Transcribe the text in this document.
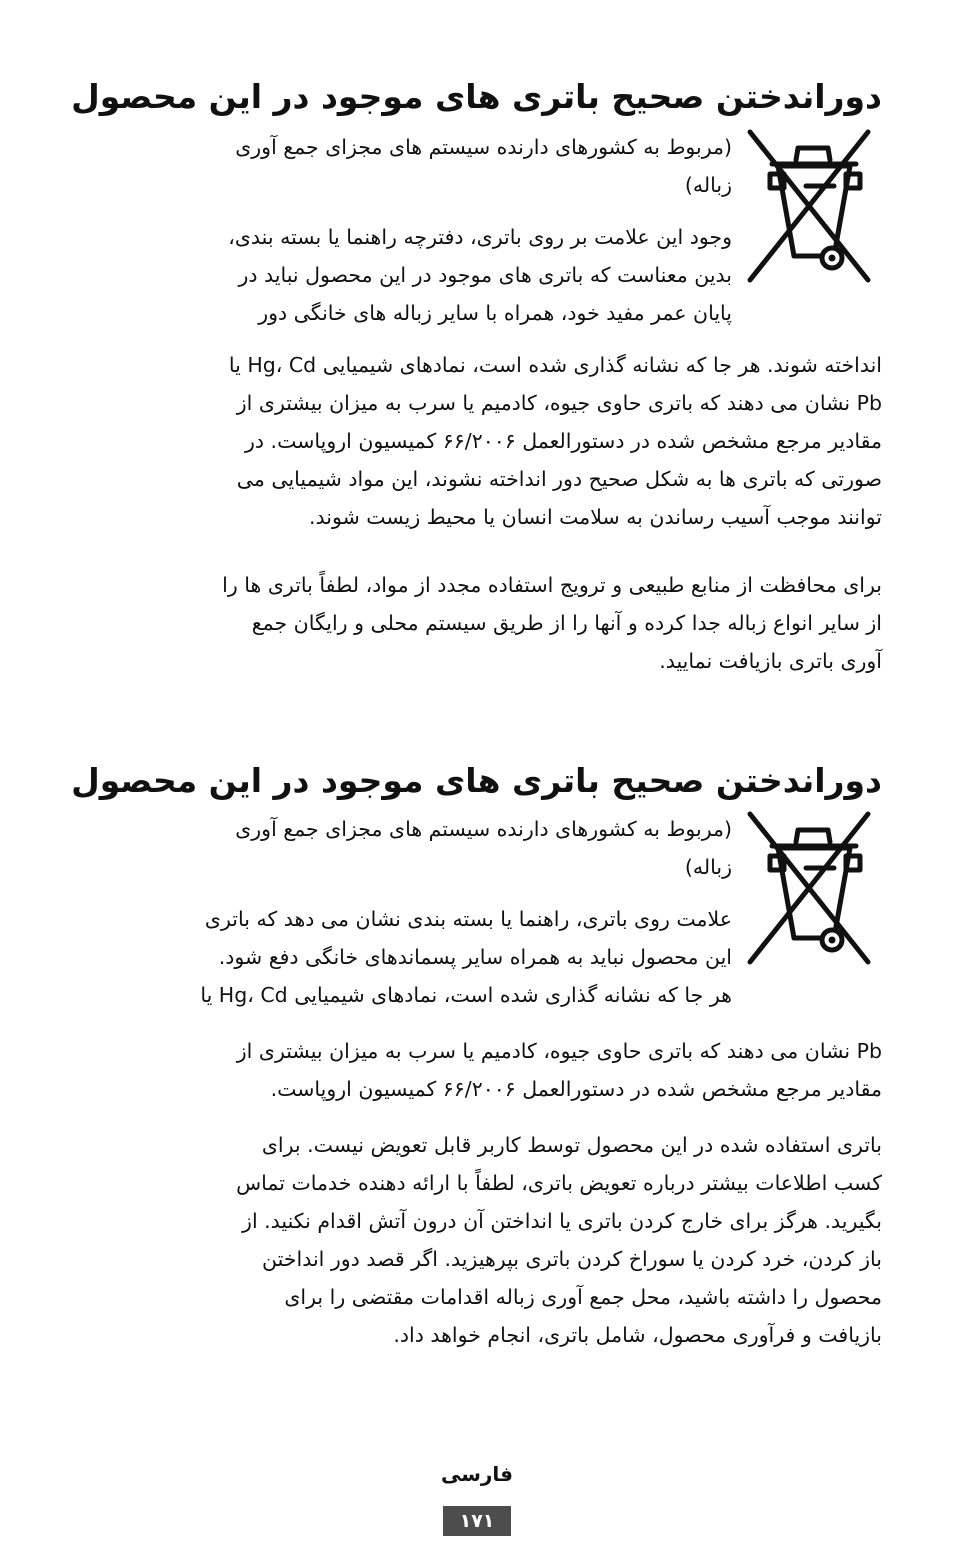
دوراندختن صحیح باتری های موجود در این محصول

(مربوط به کشورهای دارنده سیستم های مجزای جمع آوری

زباله)

وجود این علامت بر روی باتری، دفترچه راهنما یا بسته بندی،

بدین معناست که باتری های موجود در این محصول نباید در

پایان عمر مفید خود، همراه با سایر زباله های خانگی دور

انداخته شوند. هر جا که نشانه گذاری شده است، نمادهای شیمیایی Hg، Cd یا

Pb نشان می دهند که باتری حاوی جیوه، کادمیم یا سرب به میزان بیشتری از

مقادیر مرجع مشخص شده در دستورالعمل ۶۶/۲۰۰۶ کمیسیون اروپاست. در

صورتی که باتری ها به شکل صحیح دور انداخته نشوند، این مواد شیمیایی می

توانند موجب آسیب رساندن به سلامت انسان یا محیط زیست شوند.

برای محافظت از منابع طبیعی و ترویج استفاده مجدد از مواد، لطفاً باتری ها را

از سایر انواع زباله جدا کرده و آنها را از طریق سیستم محلی و رایگان جمع

آوری باتری بازیافت نمایید.

دوراندختن صحیح باتری های موجود در این محصول

(مربوط به کشورهای دارنده سیستم های مجزای جمع آوری

زباله)

علامت روی باتری، راهنما یا بسته بندی نشان می دهد که باتری

این محصول نباید به همراه سایر پسماندهای خانگی دفع شود.

هر جا که نشانه گذاری شده است، نمادهای شیمیایی Hg، Cd یا

Pb نشان می دهند که باتری حاوی جیوه، کادمیم یا سرب به میزان بیشتری از

مقادیر مرجع مشخص شده در دستورالعمل ۶۶/۲۰۰۶ کمیسیون اروپاست.

باتری استفاده شده در این محصول توسط کاربر قابل تعویض نیست. برای

کسب اطلاعات بیشتر درباره تعویض باتری، لطفاً با ارائه دهنده خدمات تماس

بگیرید. هرگز برای خارج کردن باتری یا انداختن آن درون آتش اقدام نکنید. از

باز کردن، خرد کردن یا سوراخ کردن باتری بپرهیزید. اگر قصد دور انداختن

محصول را داشته باشید، محل جمع آوری زباله اقدامات مقتضی را برای

بازیافت و فرآوری محصول، شامل باتری، انجام خواهد داد.

فارسی
۱۷۱
